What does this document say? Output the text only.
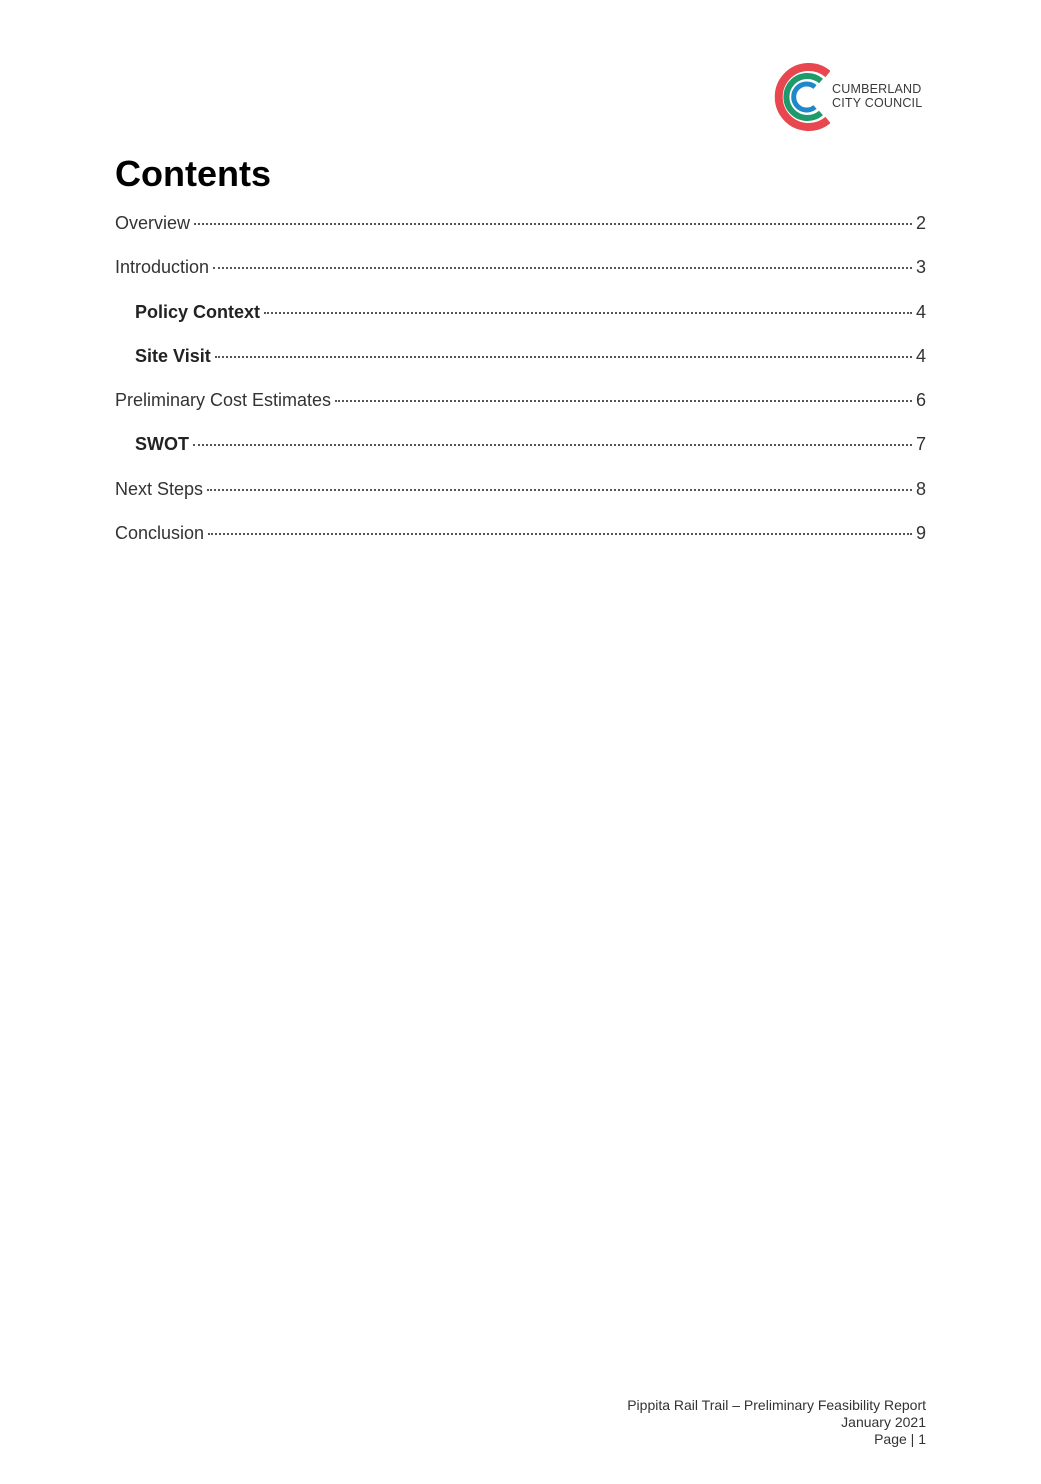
CUMBERLAND
CITY COUNCIL
Contents
Overview	2
Introduction	3
Policy Context	4
Site Visit	4
Preliminary Cost Estimates	6
SWOT	7
Next Steps	8
Conclusion	9
Pippita Rail Trail – Preliminary Feasibility Report
January 2021
Page | 1
